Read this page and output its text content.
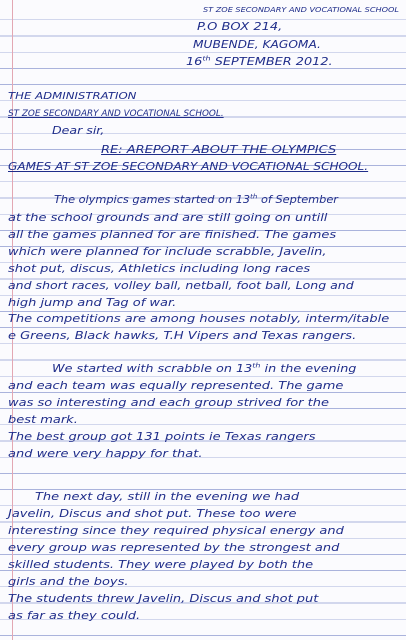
ST ZOE SECONDARY AND VOCATIONAL SCHOOL
P.O BOX 214,
MUBENDE, KAGOMA.
16th SEPTEMBER 2012.
THE ADMINISTRATION
ST ZOE SECONDARY AND VOCATIONAL SCHOOL.
Dear sir,
RE: AREPORT ABOUT THE OLYMPICS
GAMES AT ST ZOE SECONDARY AND VOCATIONAL SCHOOL.
The olympics games started on 13th of September
at the school grounds and are still going on untill
all the games planned for are finished. The games
which were planned for include scrabble, Javelin,
shot put, discus, Athletics including long races
and short races, volley ball, netball, foot ball, Long and
high jump and Tag of war.
The competitions are among houses notably, interm/itable
e Greens, Black hawks, T.H Vipers and Texas rangers.
We started with scrabble on 13th in the evening
and each team was equally represented. The game
was so interesting and each group strived for the
best mark.
The best group got 131 points ie Texas rangers
and were very happy for that.
The next day, still in the evening we had
Javelin, Discus and shot put. These too were
interesting since they required physical energy and
every group was represented by the strongest and
skilled students. They were played by both the
girls and the boys.
The students threw Javelin, Discus and shot put
as far as they could.
